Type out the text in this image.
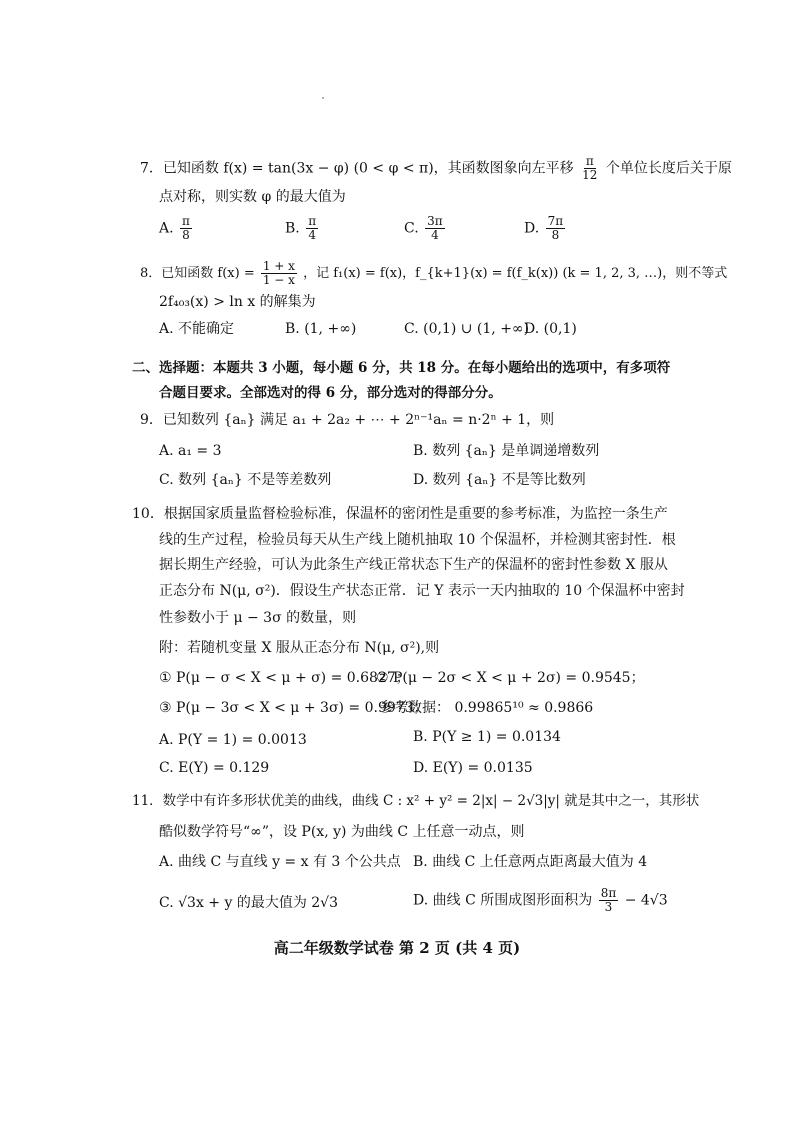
7．已知函数 f(x) = tan(3x − φ) (0 < φ < π)，其函数图象向左平移 $\frac{\pi}{12}$ 个单位长度后关于原
点对称，则实数 φ 的最大值为
A. $\frac{\pi}{8}$	B. $\frac{\pi}{4}$	C. $\frac{3\pi}{4}$	D. $\frac{7\pi}{8}$
8．已知函数 $f(x) = \frac{1 + x}{1 - x}$ ，记 f₁(x) = f(x)，f_{k+1}(x) = f(f_k(x)) (k = 1, 2, 3, …)，则不等式
2f₄₀₃(x) > ln x 的解集为
A. 不能确定	B. (1, +∞)	C. (0,1) ∪ (1, +∞)
D. (0,1)
二、选择题：本题共 3 小题，每小题 6 分，共 18 分。在每小题给出的选项中，有多项符
合题目要求。全部选对的得 6 分，部分选对的得部分分。
9．已知数列 {aₙ} 满足 a₁ + 2a₂ + ⋯ + 2ⁿ⁻¹aₙ = n·2ⁿ + 1，则
A. a₁ = 3	B. 数列 {aₙ} 是单调递增数列
C. 数列 {aₙ} 不是等差数列	D. 数列 {aₙ} 不是等比数列
10．根据国家质量监督检验标准，保温杯的密闭性是重要的参考标准，为监控一条生产
线的生产过程，检验员每天从生产线上随机抽取 10 个保温杯，并检测其密封性．根
据长期生产经验，可认为此条生产线正常状态下生产的保温杯的密封性参数 X 服从
正态分布 N(μ, σ²)．假设生产状态正常．记 Y 表示一天内抽取的 10 个保温杯中密封
性参数小于 μ − 3σ 的数量，则
附：若随机变量 X 服从正态分布 N(μ, σ²),则
① P(μ − σ < X < μ + σ) = 0.6827；
② P(μ − 2σ < X < μ + 2σ) = 0.9545；
③ P(μ − 3σ < X < μ + 3σ) = 0.9973；
参考数据： 0.99865¹⁰ ≈ 0.9866
A. P(Y = 1) = 0.0013	B. P(Y ≥ 1) = 0.0134
C. E(Y) = 0.129	D. E(Y) = 0.0135
11．数学中有许多形状优美的曲线，曲线 C : x² + y² = 2|x| − 2√3|y| 就是其中之一，其形状
酷似数学符号“∞”，设 P(x, y) 为曲线 C 上任意一动点，则
A. 曲线 C 与直线 y = x 有 3 个公共点 B. 曲线 C 上任意两点距离最大值为 4
C. √3x + y 的最大值为 2√3	D. 曲线 C 所围成图形面积为 $\frac{8\pi}{3} - 4√3$
高二年级数学试卷 第 2 页 (共 4 页)
